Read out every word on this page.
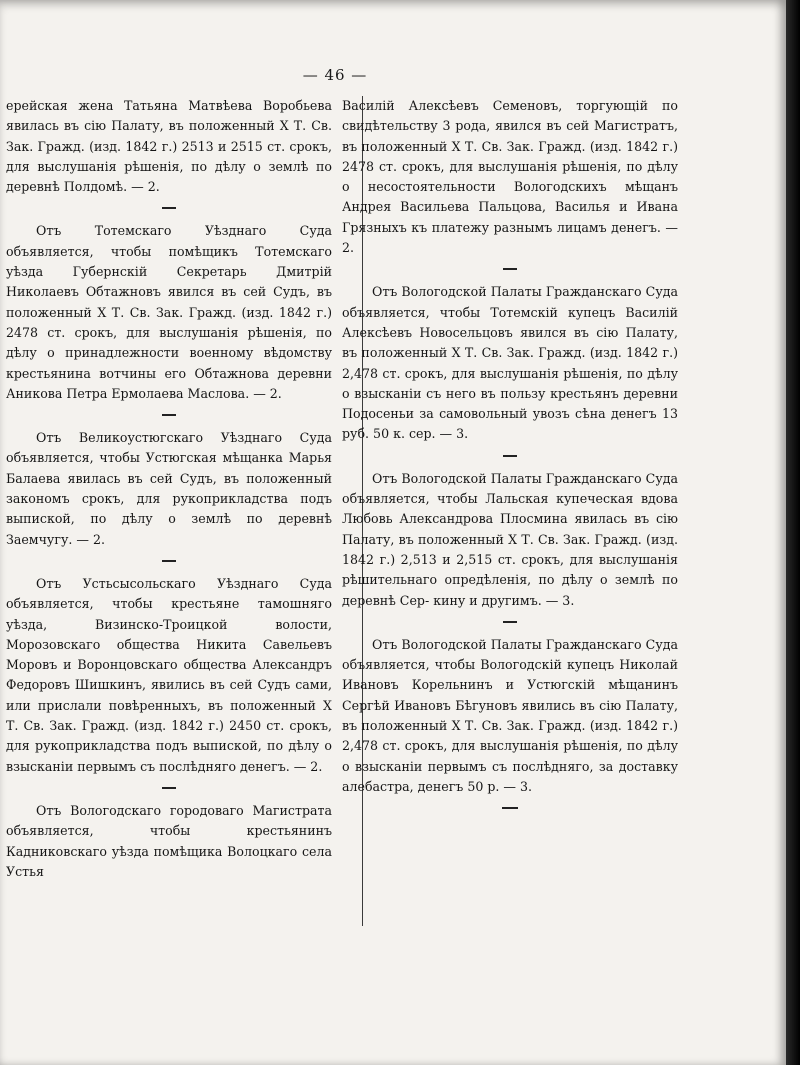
— 46 —

ерейская жена Татьяна Матвѣева Воробьева явилась въ сію Палату, въ положенный X Т. Св. Зак. Гражд. (изд. 1842 г.) 2513 и 2515 ст. срокъ, для выслушанія рѣшенія, по дѣлу о землѣ по деревнѣ Полдомѣ. — 2.

Отъ Тотемскаго Уѣзднаго Суда объявляется, чтобы помѣщикъ Тотемскаго уѣзда Губернскій Секретарь Дмитрій Николаевъ Обтажновъ явился въ сей Судъ, въ положенный X Т. Св. Зак. Гражд. (изд. 1842 г.) 2478 ст. срокъ, для выслушанія рѣшенія, по дѣлу о принадлежности военному вѣдомству крестьянина вотчины его Обтажнова деревни Аникова Петра Ермолаева Маслова. — 2.

Отъ Великоустюгскаго Уѣзднаго Суда объявляется, чтобы Устюгская мѣщанка Марья Балаева явилась въ сей Судъ, въ положенный закономъ срокъ, для рукоприкладства подъ выпиской, по дѣлу о землѣ по деревнѣ Заемчугу. — 2.

Отъ Устьсысольскаго Уѣзднаго Суда объявляется, чтобы крестьяне тамошняго уѣзда, Визинско-Троицкой волости, Морозовскаго общества Никита Савельевъ Моровъ и Воронцовскаго общества Александръ Федоровъ Шишкинъ, явились въ сей Судъ сами, или прислали повѣренныхъ, въ положенный X Т. Св. Зак. Гражд. (изд. 1842 г.) 2450 ст. срокъ, для рукоприкладства подъ выпиской, по дѣлу о взысканіи первымъ съ послѣдняго денегъ. — 2.

Отъ Вологодскаго городоваго Магистрата объявляется, чтобы крестьянинъ Кадниковскаго уѣзда помѣщика Волоцкаго села Устья

Василій Алексѣевъ Семеновъ, торгующій по свидѣтельству 3 рода, явился въ сей Магистратъ, въ положенный X Т. Св. Зак. Гражд. (изд. 1842 г.) 2478 ст. срокъ, для выслушанія рѣшенія, по дѣлу о несостоятельности Вологодскихъ мѣщанъ Андрея Васильева Пальцова, Василья и Ивана Грязныхъ къ платежу разнымъ лицамъ денегъ. — 2.

Отъ Вологодской Палаты Гражданскаго Суда объявляется, чтобы Тотемскій купецъ Василій Алексѣевъ Новосельцовъ явился въ сію Палату, въ положенный X Т. Св. Зак. Гражд. (изд. 1842 г.) 2,478 ст. срокъ, для выслушанія рѣшенія, по дѣлу о взысканіи съ него въ пользу крестьянъ деревни Подосеньи за самовольный увозъ сѣна денегъ 13 руб. 50 к. сер. — 3.

Отъ Вологодской Палаты Гражданскаго Суда объявляется, чтобы Лальская купеческая вдова Любовь Александрова Плосмина явилась въ сію Палату, въ положенный X Т. Св. Зак. Гражд. (изд. 1842 г.) 2,513 и 2,515 ст. срокъ, для выслушанія рѣшительнаго опредѣленія, по дѣлу о землѣ по деревнѣ Сер- кину и другимъ. — 3.

Отъ Вологодской Палаты Гражданскаго Суда объявляется, чтобы Вологодскій купецъ Николай Ивановъ Корельнинъ и Устюгскій мѣщанинъ Сергѣй Ивановъ Бѣгуновъ явились въ сію Палату, въ положенный X Т. Св. Зак. Гражд. (изд. 1842 г.) 2,478 ст. срокъ, для выслушанія рѣшенія, по дѣлу о взысканіи первымъ съ послѣдняго, за доставку алебастра, денегъ 50 р. — 3.
